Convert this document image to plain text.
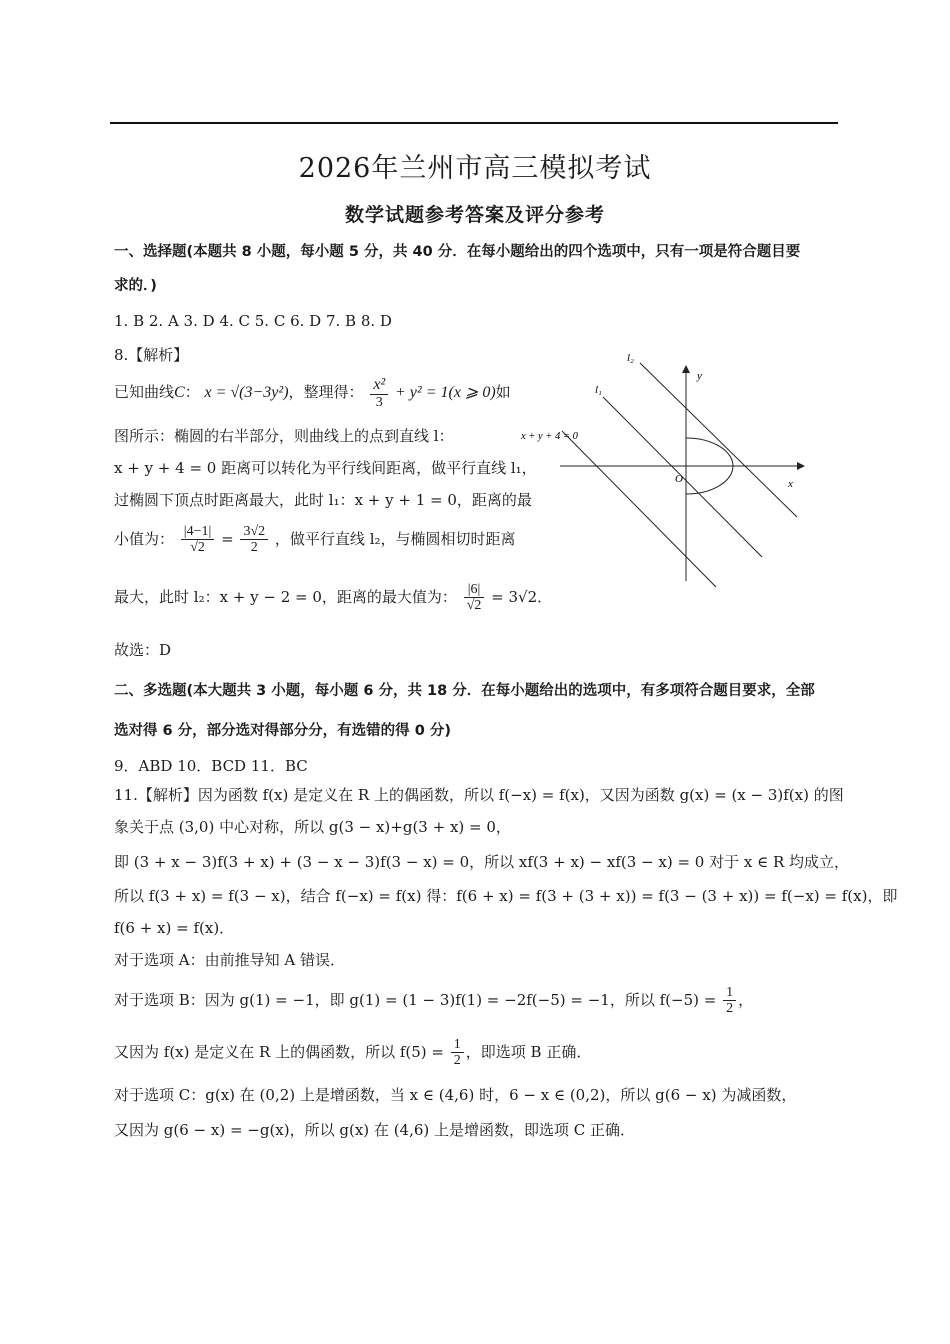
2026年兰州市高三模拟考试
数学试题参考答案及评分参考
一、选择题(本题共 8 小题，每小题 5 分，共 40 分．在每小题给出的四个选项中，只有一项是符合题目要
求的．)
1. B 2. A 3. D 4. C 5. C 6. D 7. B 8. D
8.【解析】
已知曲线C： x = √(3−3y²)，整理得： $\frac{\text{x²}}{3} + y^2 = 1(x$ ⩾ 0)如
图所示：椭圆的右半部分，则曲线上的点到直线 l：
x + y + 4 = 0 距离可以转化为平行线间距离，做平行直线 l₁，
过椭圆下顶点时距离最大，此时 l₁：x + y + 1 = 0，距离的最
小值为： $\frac{|4-1|}{√2} = \frac{3√2}{2}$ ，做平行直线 l₂，与椭圆相切时距离
最大，此时 l₂：x + y − 2 = 0，距离的最大值为： $\frac{|6|}{√2} = 3√2$．
故选：D
l₂
l₁
y
x
O
x + y + 4 = 0
二、多选题(本大题共 3 小题，每小题 6 分，共 18 分．在每小题给出的选项中，有多项符合题目要求，全部
选对得 6 分，部分选对得部分分，有选错的得 0 分)
9．ABD 10．BCD 11．BC
11.【解析】因为函数 f(x) 是定义在 R 上的偶函数，所以 f(−x) = f(x)，又因为函数 g(x) = (x − 3)f(x) 的图
象关于点 (3,0) 中心对称，所以 g(3 − x)+g(3 + x) = 0，
即 (3 + x − 3)f(3 + x) + (3 − x − 3)f(3 − x) = 0，所以 xf(3 + x) − xf(3 − x) = 0 对于 x ∈ R 均成立，
所以 f(3 + x) = f(3 − x)，结合 f(−x) = f(x) 得：f(6 + x) = f(3 + (3 + x)) = f(3 − (3 + x)) = f(−x) = f(x)，即
f(6 + x) = f(x)．
对于选项 A：由前推导知 A 错误．
对于选项 B：因为 g(1) = −1，即 g(1) = (1 − 3)f(1) = −2f(−5) = −1，所以 $f(-5) = \frac{1}{2}$ ，
又因为 f(x) 是定义在 R 上的偶函数，所以 $f(5) = \frac{1}{2}$ ，即选项 B 正确．
对于选项 C：g(x) 在 (0,2) 上是增函数，当 x ∈ (4,6) 时，6 − x ∈ (0,2)，所以 g(6 − x) 为减函数，
又因为 g(6 − x) = −g(x)，所以 g(x) 在 (4,6) 上是增函数，即选项 C 正确．
